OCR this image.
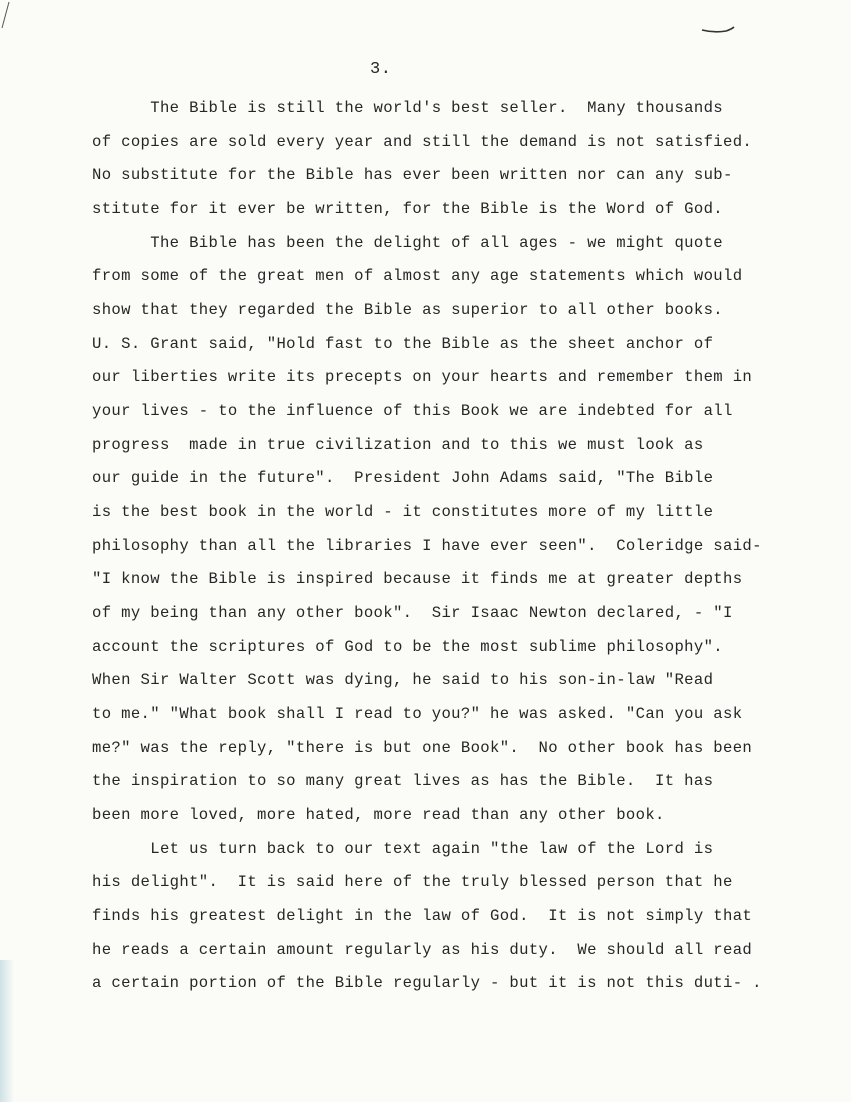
3.
The Bible is still the world's best seller.  Many thousands
of copies are sold every year and still the demand is not satisfied.
No substitute for the Bible has ever been written nor can any sub-
stitute for it ever be written, for the Bible is the Word of God.
The Bible has been the delight of all ages - we might quote
from some of the great men of almost any age statements which would
show that they regarded the Bible as superior to all other books.
U. S. Grant said, "Hold fast to the Bible as the sheet anchor of
our liberties write its precepts on your hearts and remember them in
your lives - to the influence of this Book we are indebted for all
progress  made in true civilization and to this we must look as
our guide in the future".  President John Adams said, "The Bible
is the best book in the world - it constitutes more of my little
philosophy than all the libraries I have ever seen".  Coleridge said-
"I know the Bible is inspired because it finds me at greater depths
of my being than any other book".  Sir Isaac Newton declared, - "I
account the scriptures of God to be the most sublime philosophy".
When Sir Walter Scott was dying, he said to his son-in-law "Read
to me." "What book shall I read to you?" he was asked. "Can you ask
me?" was the reply, "there is but one Book".  No other book has been
the inspiration to so many great lives as has the Bible.  It has
been more loved, more hated, more read than any other book.
Let us turn back to our text again "the law of the Lord is
his delight".  It is said here of the truly blessed person that he
finds his greatest delight in the law of God.  It is not simply that
he reads a certain amount regularly as his duty.  We should all read
a certain portion of the Bible regularly - but it is not this duti- .
